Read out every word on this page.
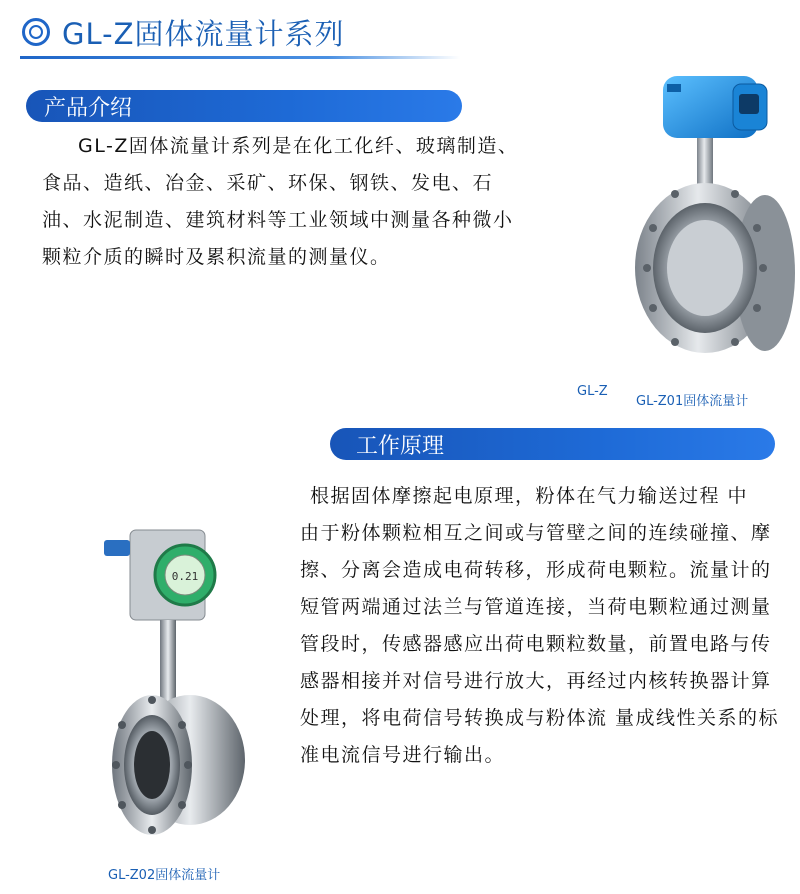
GL-Z固体流量计系列
产品介绍
GL-Z固体流量计系列是在化工化纤、玻璃制造、
食品、造纸、冶金、采矿、环保、钢铁、发电、石
油、水泥制造、建筑材料等工业领域中测量各种微小
颗粒介质的瞬时及累积流量的测量仪。
GL-Z
GL-Z01固体流量计
工作原理
根据固体摩擦起电原理，粉体在气力输送过程 中
由于粉体颗粒相互之间或与管壁之间的连续碰撞、摩
擦、分离会造成电荷转移，形成荷电颗粒。流量计的
短管两端通过法兰与管道连接，当荷电颗粒通过测量
管段时，传感器感应出荷电颗粒数量，前置电路与传
感器相接并对信号进行放大，再经过内核转换器计算
处理，将电荷信号转换成与粉体流 量成线性关系的标
准电流信号进行输出。
0.21
GL-Z02固体流量计
